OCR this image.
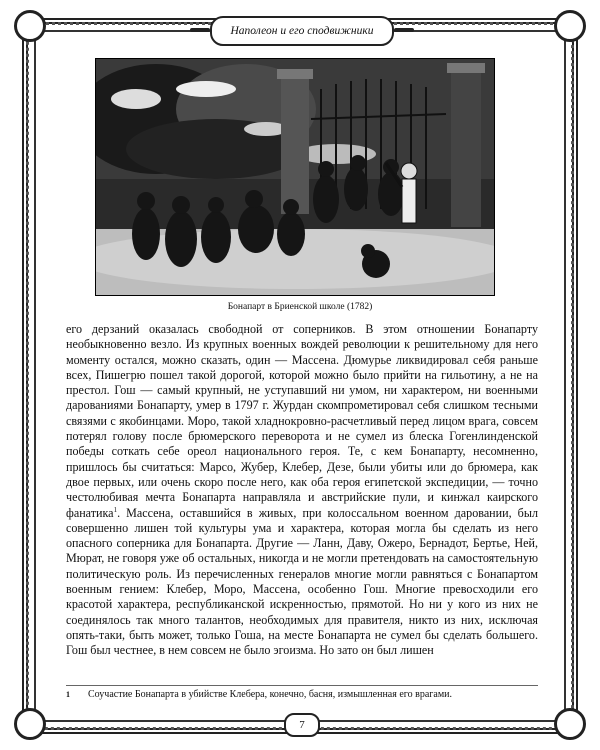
Наполеон и его сподвижники
Бонапарт в Бриенской школе (1782)

его дерзаний оказалась свободной от соперников. В этом отношении Бонапарту необыкновенно везло. Из крупных военных вождей революции к решительному для него моменту остался, можно сказать, один — Массена. Дюмурье ликвидировал себя раньше всех, Пишегрю пошел такой дорогой, которой можно было прийти на гильотину, а не на престол. Гош — самый крупный, не уступавший ни умом, ни характером, ни военными дарованиями Бонапарту, умер в 1797 г. Журдан скомпрометировал себя слишком тесными связями с якобинцами. Моро, такой хладнокровно-расчетливый перед лицом врага, совсем потерял голову после брюмерского переворота и не сумел из блеска Гогенлинденской победы соткать себе ореол национального героя. Те, с кем Бонапарту, несомненно, пришлось бы считаться: Марсо, Жубер, Клебер, Дезе, были убиты или до брюмера, как двое первых, или очень скоро после него, как оба героя египетской экспедиции, — точно честолюбивая мечта Бонапарта направляла и австрийские пули, и кинжал каирского фанатика$^1$. Массена, оставшийся в живых, при колоссальном военном даровании, был совершенно лишен той культуры ума и характера, которая могла бы сделать из него опасного соперника для Бонапарта. Другие — Ланн, Даву, Ожеро, Бернадот, Бертье, Ней, Мюрат, не говоря уже об остальных, никогда и не могли претендовать на самостоятельную политическую роль. Из перечисленных генералов многие могли равняться с Бонапартом военным гением: Клебер, Моро, Массена, особенно Гош. Многие превосходили его красотой характера, республиканской искренностью, прямотой. Но ни у кого из них не соединялось так много талантов, необходимых для правителя, никто из них, исключая опять-таки, быть может, только Гоша, на месте Бонапарта не сумел бы сделать большего. Гош был честнее, в нем совсем не было эгоизма. Но зато он был лишен

1 Соучастие Бонапарта в убийстве Клебера, конечно, басня, измышленная его врагами.
7
